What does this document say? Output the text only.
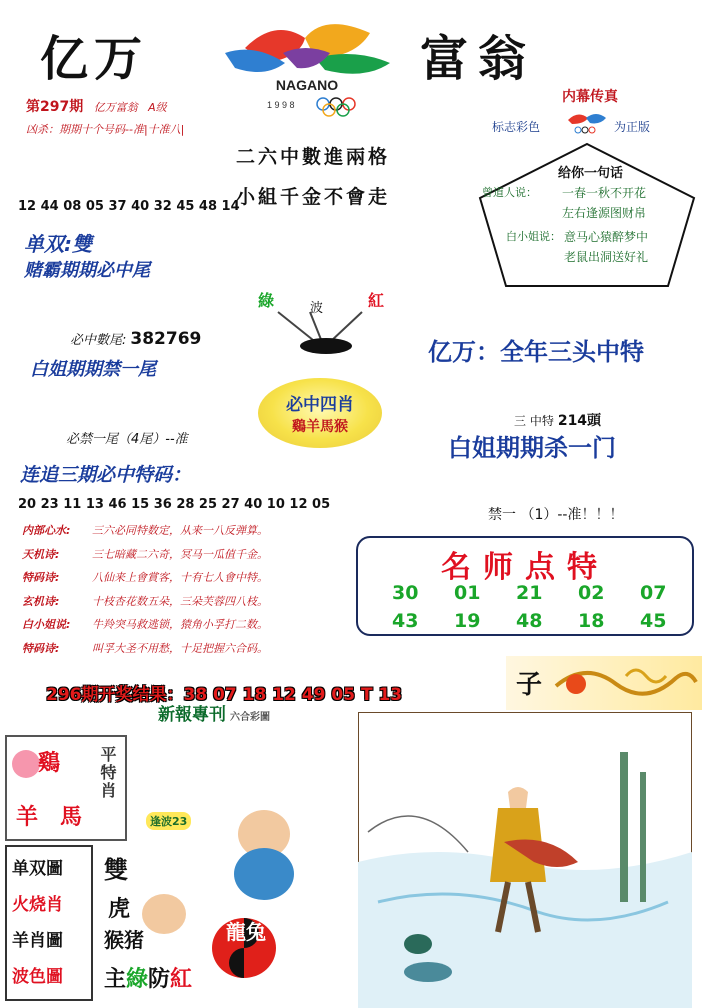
亿万	富翁
NAGANO
1 9 9 8
第297期 亿万富翁 A级
凶杀：期期十个号码--准|十准八|
二六中數進兩格
小組千金不會走
内幕传真
标志彩色	为正版
给你一句话
曾道人说： 一春一秋不开花
左右逢源图财帛
白小姐说： 意马心猿醉梦中
老鼠出洞送好礼
12 44 08 05 37 40 32 45 48 14
单双:雙
赌霸期期必中尾
綠	波	紅
必中數尾: 382769
白姐期期禁一尾
亿万：全年三头中特
必中四肖
鷄羊馬猴	三 中特 214頭
必禁一尾（4尾）--准	白姐期期杀一门
连追三期必中特码：
20 23 11 13 46 15 36 28 25 27 40 10 12 05
禁一 （1）--准！！！
内部心水: 三六必同特数定，从来一八反弹算。
天机诗:	三七暗藏二六奇，冥马一瓜值千金。
特码诗:	八仙来上會賞客，十有七人會中特。
玄机诗:	十枝杏花数五朵，三朵芙蓉四八枝。
白小姐说: 牛羚突马救逃锁，猿角小孚打二数。
特码诗:	叫孚大圣不用愁，十足把握六合码。
名师点特
30 01 21 02 07
43 19 48 18 45
296期开奖结果：38 07 18 12 49 05 T 13
新報專刊 六合彩圖
子
鷄
羊 馬
平特肖
逢波23
单双圖
火烧肖
羊肖圖
波色圖
雙
虎
猴猪	龍兔
主綠防紅
